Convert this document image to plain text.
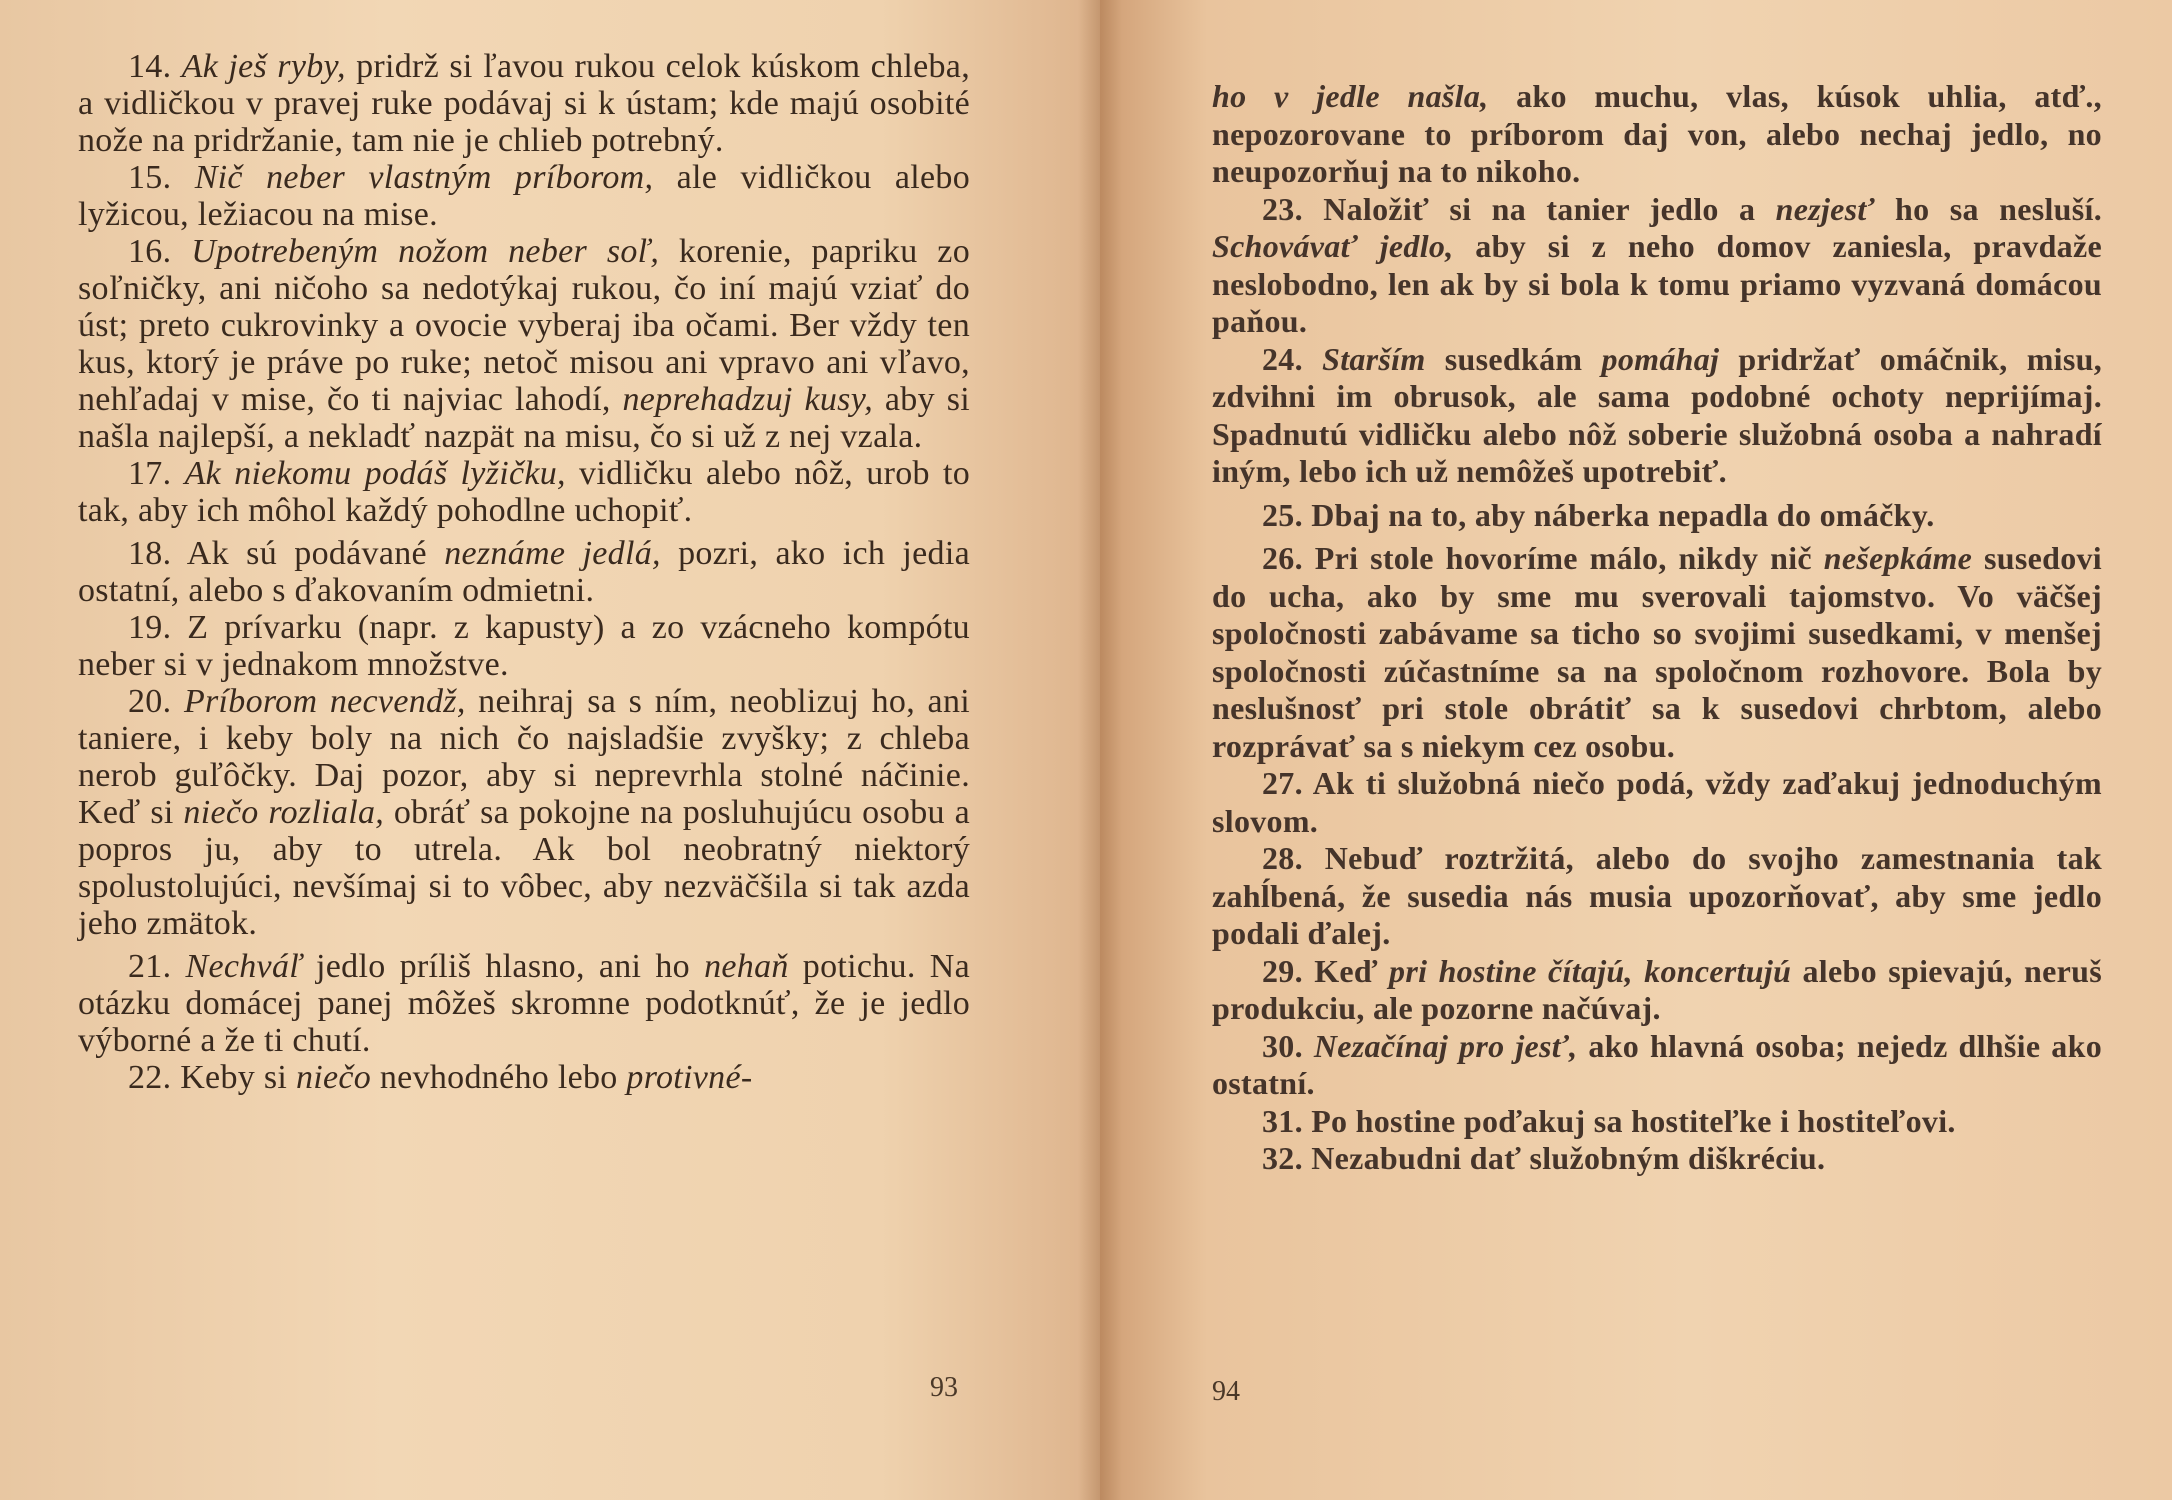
14. Ak ješ ryby, pridrž si ľavou rukou celok kúskom chleba, a vidličkou v pravej ruke podávaj si k ústam; kde majú osobité nože na pridržanie, tam nie je chlieb potrebný.

15. Nič neber vlastným príborom, ale vidličkou alebo lyžicou, ležiacou na mise.

16. Upotrebeným nožom neber soľ, korenie, papriku zo soľničky, ani ničoho sa nedotýkaj rukou, čo iní majú vziať do úst; preto cukrovinky a ovocie vyberaj iba očami. Ber vždy ten kus, ktorý je práve po ruke; netoč misou ani vpravo ani vľavo, nehľadaj v mise, čo ti najviac lahodí, neprehadzuj kusy, aby si našla najlepší, a nekladť nazpät na misu, čo si už z nej vzala.

17. Ak niekomu podáš lyžičku, vidličku alebo nôž, urob to tak, aby ich môhol každý pohodlne uchopiť.

18. Ak sú podávané neznáme jedlá, pozri, ako ich jedia ostatní, alebo s ďakovaním odmietni.

19. Z prívarku (napr. z kapusty) a zo vzácneho kompótu neber si v jednakom množstve.

20. Príborom necvendž, neihraj sa s ním, neoblizuj ho, ani taniere, i keby boly na nich čo najsladšie zvyšky; z chleba nerob guľôčky. Daj pozor, aby si neprevrhla stolné náčinie. Keď si niečo rozliala, obráť sa pokojne na posluhujúcu osobu a popros ju, aby to utrela. Ak bol neobratný niektorý spolustolujúci, nevšímaj si to vôbec, aby nezväčšila si tak azda jeho zmätok.

21. Nechváľ jedlo príliš hlasno, ani ho nehaň potichu. Na otázku domácej panej môžeš skromne podotknúť, že je jedlo výborné a že ti chutí.

22. Keby si niečo nevhodného lebo protivné-

93

ho v jedle našla, ako muchu, vlas, kúsok uhlia, atď., nepozorovane to príborom daj von, alebo nechaj jedlo, no neupozorňuj na to nikoho.

23. Naložiť si na tanier jedlo a nezjesť ho sa nesluší. Schovávať jedlo, aby si z neho domov zaniesla, pravdaže neslobodno, len ak by si bola k tomu priamo vyzvaná domácou paňou.

24. Starším susedkám pomáhaj pridržať omáčnik, misu, zdvihni im obrusok, ale sama podobné ochoty neprijímaj. Spadnutú vidličku alebo nôž soberie služobná osoba a nahradí iným, lebo ich už nemôžeš upotrebiť.

25. Dbaj na to, aby náberka nepadla do omáčky.

26. Pri stole hovoríme málo, nikdy nič nešepkáme susedovi do ucha, ako by sme mu sverovali tajomstvo. Vo väčšej spoločnosti zabávame sa ticho so svojimi susedkami, v menšej spoločnosti zúčastníme sa na spoločnom rozhovore. Bola by neslušnosť pri stole obrátiť sa k susedovi chrbtom, alebo rozprávať sa s niekym cez osobu.

27. Ak ti služobná niečo podá, vždy zaďakuj jednoduchým slovom.

28. Nebuď roztržitá, alebo do svojho zamestnania tak zahĺbená, že susedia nás musia upozorňovať, aby sme jedlo podali ďalej.

29. Keď pri hostine čítajú, koncertujú alebo spievajú, neruš produkciu, ale pozorne načúvaj.

30. Nezačínaj pro jesť, ako hlavná osoba; nejedz dlhšie ako ostatní.

31. Po hostine poďakuj sa hostiteľke i hostiteľovi.

32. Nezabudni dať služobným diškréciu.

94
